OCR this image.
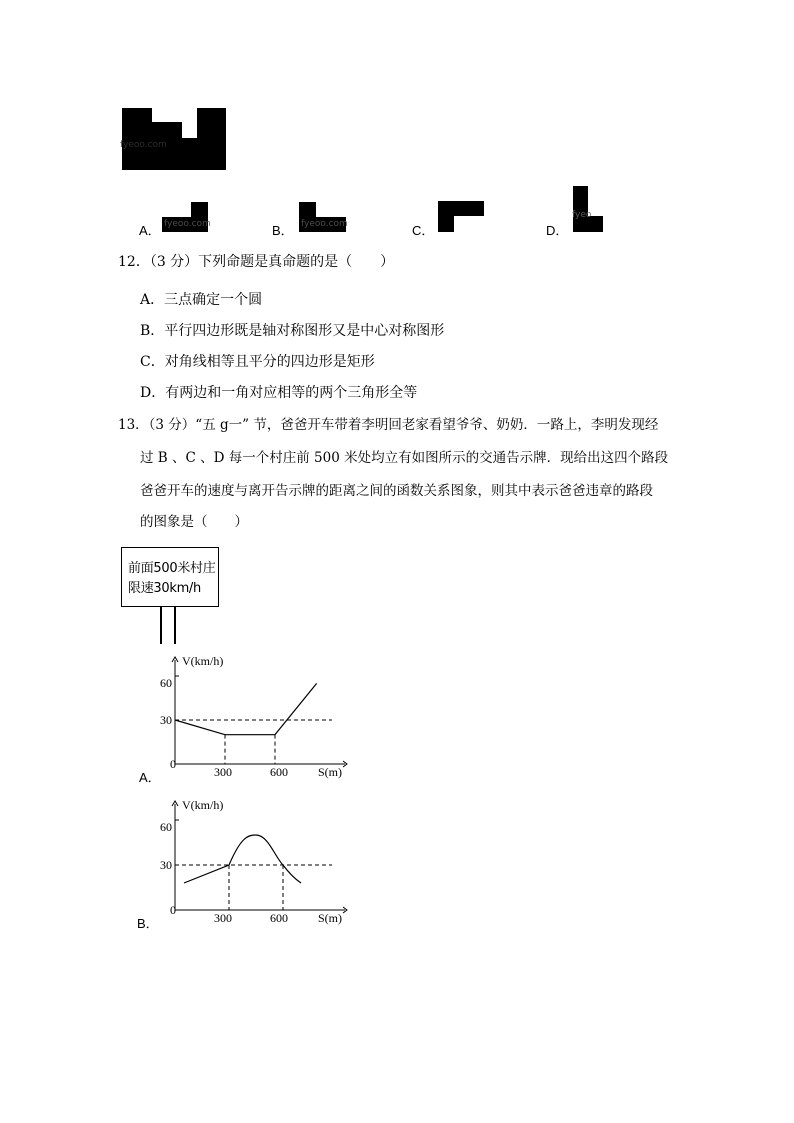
fyeoo.com
A． fyeoo.com	B． fyeoo.com	C．	D．
fyeo
12．（3 分）下列命题是真命题的是（　　）
A．三点确定一个圆
B．平行四边形既是轴对称图形又是中心对称图形
C．对角线相等且平分的四边形是矩形
D．有两边和一角对应相等的两个三角形全等
13．（3 分）“五 g一” 节，爸爸开车带着李明回老家看望爷爷、奶奶．一路上，李明发现经
过 B 、C 、D 每一个村庄前 500 米处均立有如图所示的交通告示牌．现给出这四个路段
爸爸开车的速度与离开告示牌的距离之间的函数关系图象，则其中表示爸爸违章的路段
的图象是（　　）
前面500米村庄
限速30km/h
V(km/h)
60
30
0
300	600	S(m)
A．
V(km/h)
60
30
0
300	600	S(m)
B．
